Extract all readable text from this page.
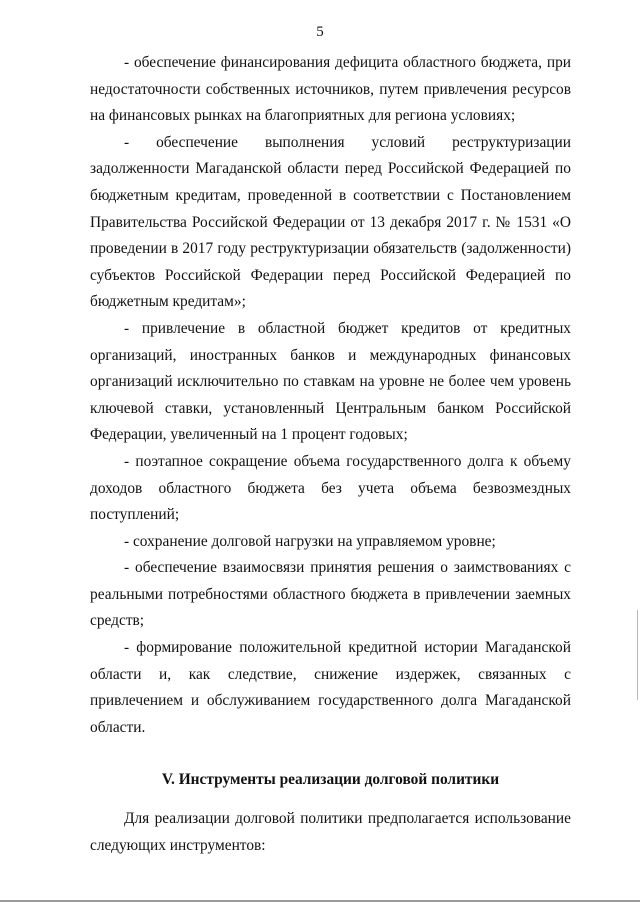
5

- обеспечение финансирования дефицита областного бюджета, при недостаточности собственных источников, путем привлечения ресурсов на финансовых рынках на благоприятных для региона условиях;

- обеспечение выполнения условий реструктуризации задолженности Магаданской области перед Российской Федерацией по бюджетным кредитам, проведенной в соответствии с Постановлением Правительства Российской Федерации от 13 декабря 2017 г. № 1531 «О проведении в 2017 году реструктуризации обязательств (задолженности) субъектов Российской Федерации перед Российской Федерацией по бюджетным кредитам»;

- привлечение в областной бюджет кредитов от кредитных организаций, иностранных банков и международных финансовых организаций исключительно по ставкам на уровне не более чем уровень ключевой ставки, установленный Центральным банком Российской Федерации, увеличенный на 1 процент годовых;

- поэтапное сокращение объема государственного долга к объему доходов областного бюджета без учета объема безвозмездных поступлений;

- сохранение долговой нагрузки на управляемом уровне;

- обеспечение взаимосвязи принятия решения о заимствованиях с реальными потребностями областного бюджета в привлечении заемных средств;

- формирование положительной кредитной истории Магаданской области и, как следствие, снижение издержек, связанных с привлечением и обслуживанием государственного долга Магаданской области.

V. Инструменты реализации долговой политики

Для реализации долговой политики предполагается использование следующих инструментов:
